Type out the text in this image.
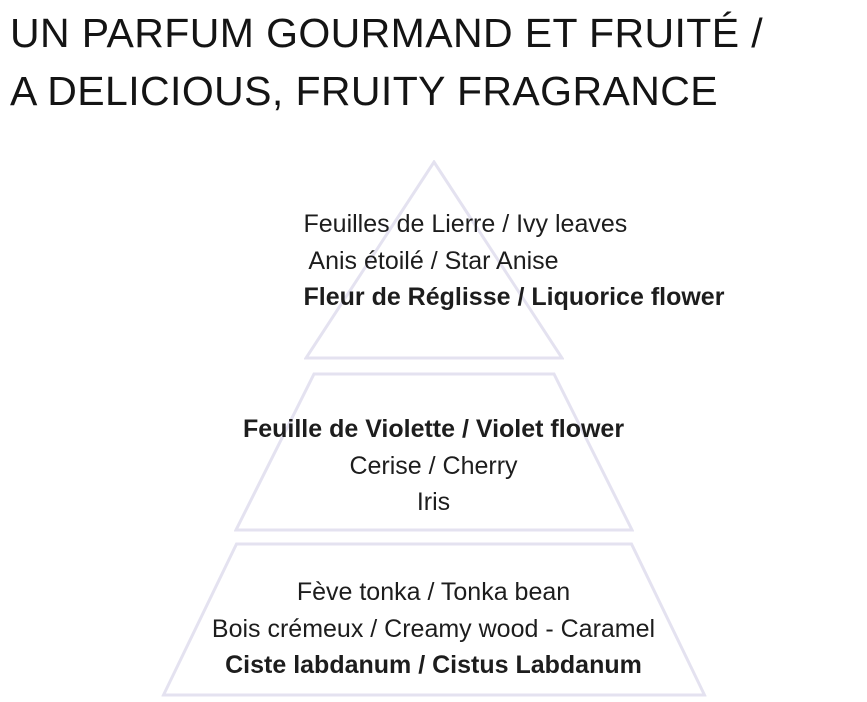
UN PARFUM GOURMAND ET FRUITÉ /
A DELICIOUS, FRUITY FRAGRANCE
Feuilles de Lierre / Ivy leaves
Anis étoilé / Star Anise
Fleur de Réglisse / Liquorice flower
Feuille de Violette / Violet flower
Cerise / Cherry
Iris
Fève tonka / Tonka bean
Bois crémeux / Creamy wood - Caramel
Ciste labdanum / Cistus Labdanum
